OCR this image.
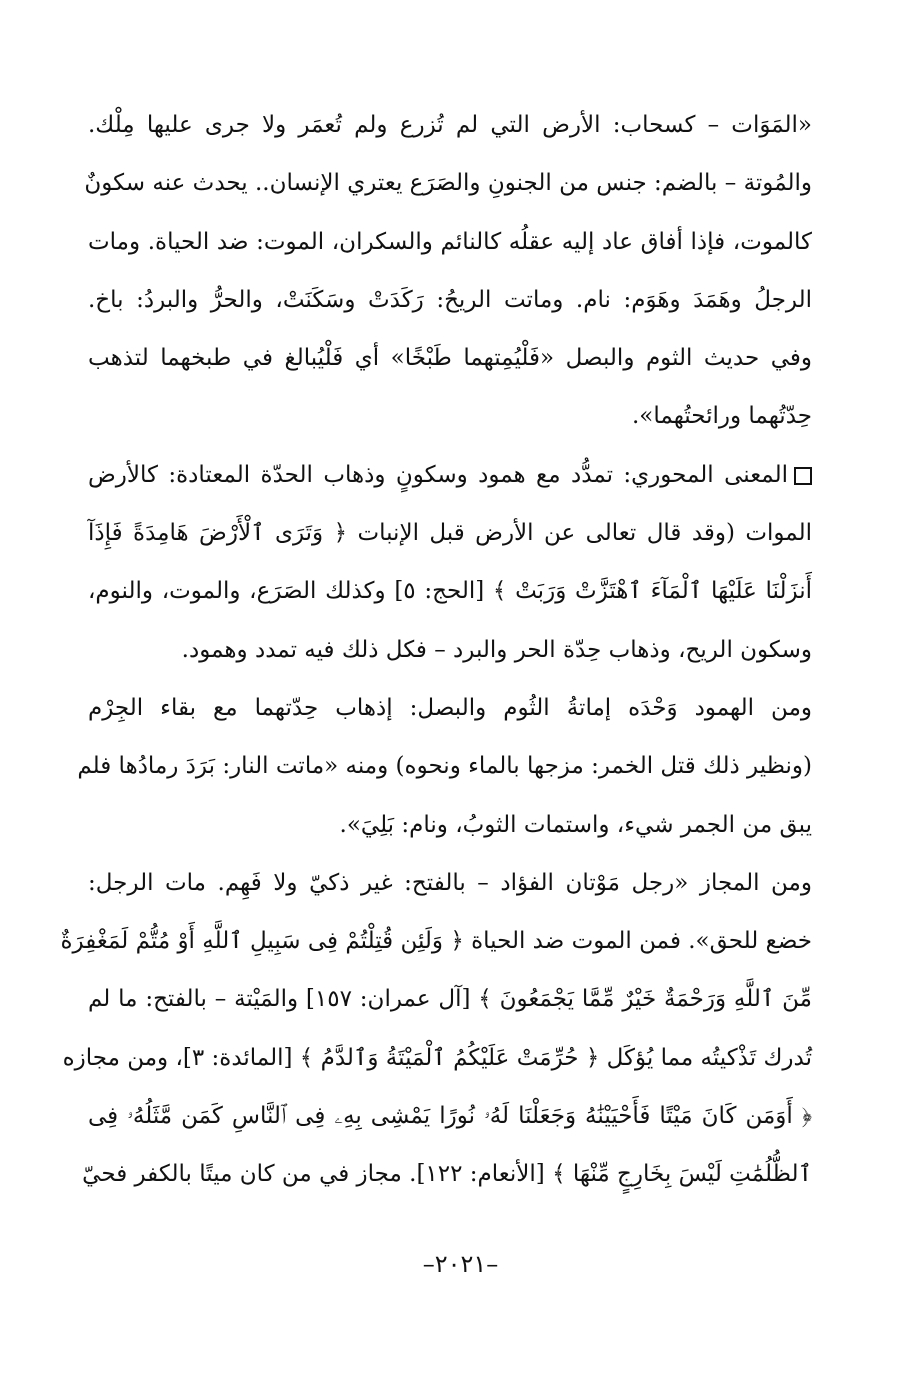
«المَوَات – كسحاب: الأرض التي لم تُزرع ولم تُعمَر ولا جرى عليها مِلْك.
والمُوتة – بالضم: جنس من الجنونِ والصَرَع يعتري الإنسان.. يحدث عنه سكونٌ
كالموت، فإذا أفاق عاد إليه عقلُه كالنائم والسكران، الموت: ضد الحياة. ومات
الرجلُ وهَمَدَ وهَوَم: نام. وماتت الريحُ: رَكَدَتْ وسَكَنَتْ، والحرُّ والبردُ: باخ.
وفي حديث الثوم والبصل «فَلْيُمِتهما طَبْخًا» أي فَلْيُبالغ في طبخهما لتذهب
حِدّتُهما ورائحتُهما».
المعنى المحوري: تمدُّد مع همود وسكونٍ وذهاب الحدّة المعتادة: كالأرض
الموات (وقد قال تعالى عن الأرض قبل الإنبات ﴿ وَتَرَى ٱلْأَرْضَ هَامِدَةً فَإِذَآ
أَنزَلْنَا عَلَيْهَا ٱلْمَآءَ ٱهْتَزَّتْ وَرَبَتْ ﴾ [الحج: ٥] وكذلك الصَرَع، والموت، والنوم،
وسكون الريح، وذهاب حِدّة الحر والبرد – فكل ذلك فيه تمدد وهمود.
ومن الهمود وَحْدَه إماتةُ الثُوم والبصل: إذهاب حِدّتهما مع بقاء الجِرْم
(ونظير ذلك قتل الخمر: مزجها بالماء ونحوه) ومنه «ماتت النار: بَرَدَ رمادُها فلم
يبق من الجمر شيء، واستمات الثوبُ، ونام: بَلِيَ».
ومن المجاز «رجل مَوْتان الفؤاد – بالفتح: غير ذكيّ ولا فَهِم. مات الرجل:
خضع للحق». فمن الموت ضد الحياة ﴿ وَلَئِن قُتِلْتُمْ فِى سَبِيلِ ٱللَّهِ أَوْ مُتُّمْ لَمَغْفِرَةٌ
مِّنَ ٱللَّهِ وَرَحْمَةٌ خَيْرٌ مِّمَّا يَجْمَعُونَ ﴾ [آل عمران: ١٥٧] والمَيْتة – بالفتح: ما لم
تُدرك تَذْكيتُه مما يُؤكَل ﴿ حُرِّمَتْ عَلَيْكُمُ ٱلْمَيْتَةُ وَٱلدَّمُ ﴾ [المائدة: ٣]، ومن مجازه
﴿ أَوَمَن كَانَ مَيْتًا فَأَحْيَيْنَٰهُ وَجَعَلْنَا لَهُۥ نُورًا يَمْشِى بِهِۦ فِى ٱلنَّاسِ كَمَن مَّثَلُهُۥ فِى
ٱلظُّلُمَٰتِ لَيْسَ بِخَارِجٍ مِّنْهَا ﴾ [الأنعام: ١٢٢]. مجاز في من كان ميتًا بالكفر فحيّ
–٢٠٢١–
